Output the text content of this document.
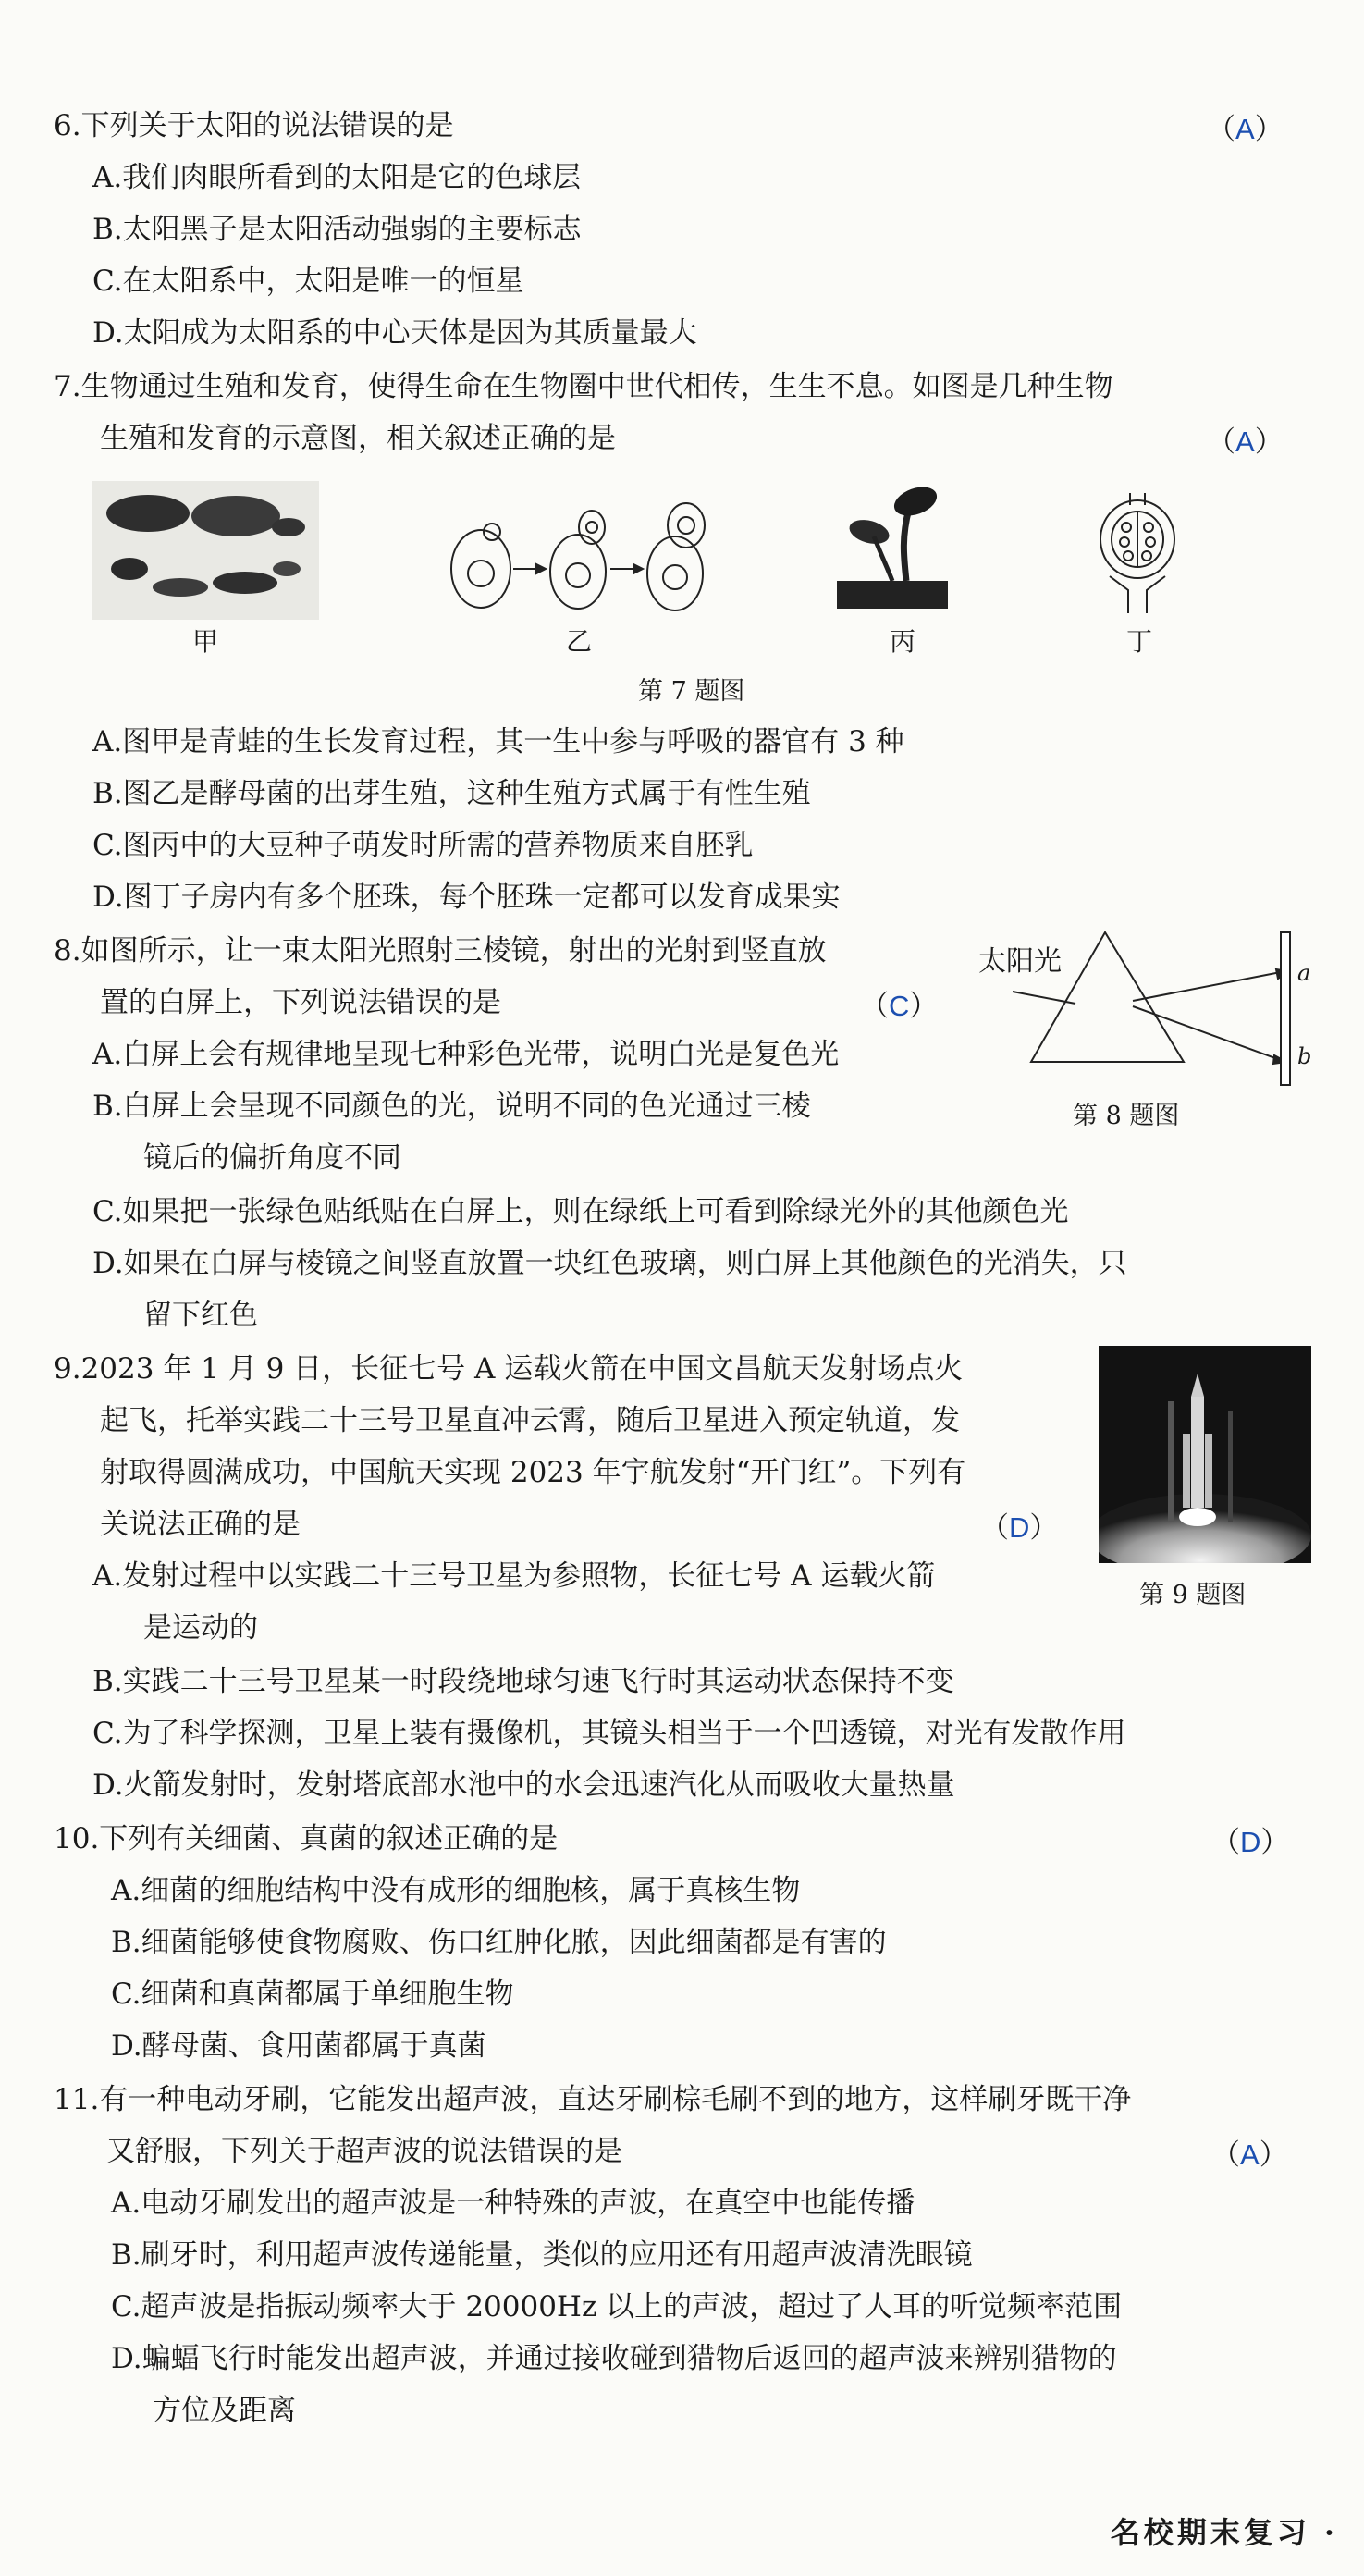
6.下列关于太阳的说法错误的是	（A）
A.我们肉眼所看到的太阳是它的色球层
B.太阳黑子是太阳活动强弱的主要标志
C.在太阳系中，太阳是唯一的恒星
D.太阳成为太阳系的中心天体是因为其质量最大
7.生物通过生殖和发育，使得生命在生物圈中世代相传，生生不息。如图是几种生物
生殖和发育的示意图，相关叙述正确的是	（A）
甲	乙	丙	丁
第 7 题图
A.图甲是青蛙的生长发育过程，其一生中参与呼吸的器官有 3 种
B.图乙是酵母菌的出芽生殖，这种生殖方式属于有性生殖
C.图丙中的大豆种子萌发时所需的营养物质来自胚乳
D.图丁子房内有多个胚珠，每个胚珠一定都可以发育成果实
8.如图所示，让一束太阳光照射三棱镜，射出的光射到竖直放
置的白屏上，下列说法错误的是	（C）
A.白屏上会有规律地呈现七种彩色光带，说明白光是复色光
B.白屏上会呈现不同颜色的光，说明不同的色光通过三棱
镜后的偏折角度不同
C.如果把一张绿色贴纸贴在白屏上，则在绿纸上可看到除绿光外的其他颜色光
D.如果在白屏与棱镜之间竖直放置一块红色玻璃，则白屏上其他颜色的光消失，只
留下红色
太阳光	a
b
第 8 题图
9.2023 年 1 月 9 日，长征七号 A 运载火箭在中国文昌航天发射场点火
起飞，托举实践二十三号卫星直冲云霄，随后卫星进入预定轨道，发
射取得圆满成功，中国航天实现 2023 年宇航发射“开门红”。下列有
关说法正确的是	（D）
A.发射过程中以实践二十三号卫星为参照物，长征七号 A 运载火箭
是运动的
B.实践二十三号卫星某一时段绕地球匀速飞行时其运动状态保持不变
C.为了科学探测，卫星上装有摄像机，其镜头相当于一个凹透镜，对光有发散作用
D.火箭发射时，发射塔底部水池中的水会迅速汽化从而吸收大量热量
第 9 题图
10.下列有关细菌、真菌的叙述正确的是	（D）
A.细菌的细胞结构中没有成形的细胞核，属于真核生物
B.细菌能够使食物腐败、伤口红肿化脓，因此细菌都是有害的
C.细菌和真菌都属于单细胞生物
D.酵母菌、食用菌都属于真菌
11.有一种电动牙刷，它能发出超声波，直达牙刷棕毛刷不到的地方，这样刷牙既干净
又舒服，下列关于超声波的说法错误的是	（A）
A.电动牙刷发出的超声波是一种特殊的声波，在真空中也能传播
B.刷牙时，利用超声波传递能量，类似的应用还有用超声波清洗眼镜
C.超声波是指振动频率大于 20000Hz 以上的声波，超过了人耳的听觉频率范围
D.蝙蝠飞行时能发出超声波，并通过接收碰到猎物后返回的超声波来辨别猎物的
方位及距离
名校期末复习 ·
